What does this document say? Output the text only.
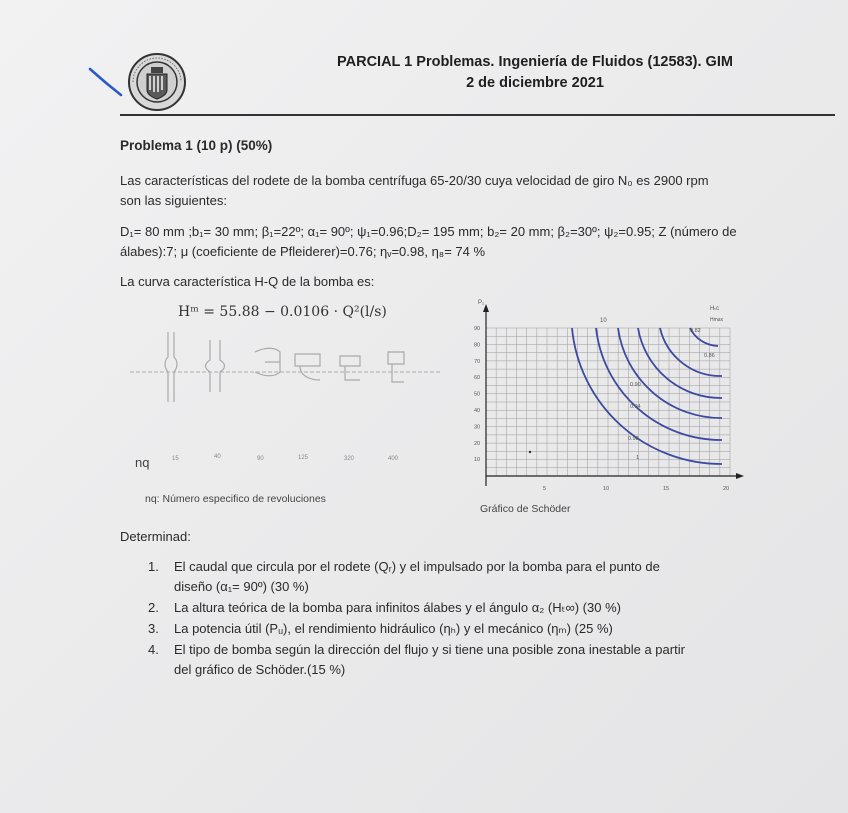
PARCIAL 1 Problemas. Ingeniería de Fluidos (12583). GIM
2 de diciembre 2021
Problema 1 (10 p) (50%)
Las características del rodete de la bomba centrífuga 65-20/30 cuya velocidad de giro N₀ es 2900 rpm son las siguientes:
D₁= 80 mm ;b₁= 30 mm; β₁=22º; α₁= 90º; ψ₁=0.96;D₂= 195 mm; b₂= 20 mm; β₂=30º; ψ₂=0.95; Z (número de álabes):7; μ (coeficiente de Pfleiderer)=0.76; ηᵥ=0.98, η₈= 74 %
La curva característica H-Q de la bomba es:
Hᵐ = 55.88 − 0.0106 · Q²(l/s)
15	40	90	125	320	400
nq
nq: Número especifico de revoluciones
P₁
10
Hₜc
Hmax
90
80
70
60
50
40
30
20
10
5	10	15	20
0.82
0.86
0.90
0.94
0.98
1
Gráfico de Schöder
Determinad:
1.	El caudal que circula por el rodete (Qᵣ) y el impulsado por la bomba para el punto de diseño (α₁= 90º) (30 %)
2.	La altura teórica de la bomba para infinitos álabes y el ángulo α₂ (Hₜ∞) (30 %)
3.	La potencia útil (Pᵤ), el rendimiento hidráulico (ηₕ) y el mecánico (ηₘ) (25 %)
4.	El tipo de bomba según la dirección del flujo y si tiene una posible zona inestable a partir del gráfico de Schöder.(15 %)
